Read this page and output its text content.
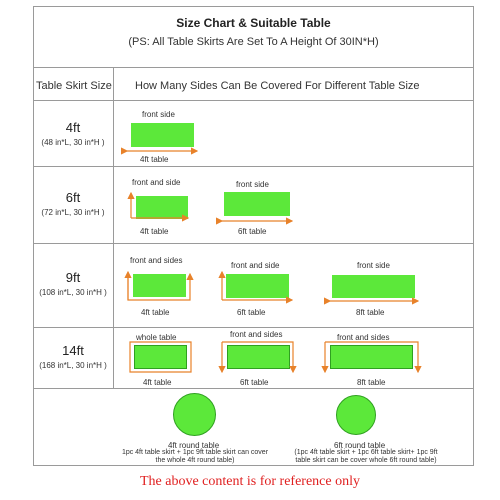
Size Chart & Suitable Table
(PS: All Table Skirts Are Set To A Height Of 30IN*H)
Table Skirt Size How Many Sides Can Be Covered For Different Table Size
4ft
(48 in*L, 30 in*H )
6ft
(72 in*L, 30 in*H )
9ft
(108 in*L, 30 in*H )
14ft
(168 in*L, 30 in*H )
front side
4ft table
front and side
4ft table
front side
6ft table
front and sides
4ft table
front and side
6ft table
front side
8ft table
whole table
4ft table
front and sides
6ft table
front and sides
8ft table
4ft round table
1pc 4ft table skirt + 1pc 9ft table skirt can cover the whole 4ft round table)
6ft round table
(1pc 4ft table skirt + 1pc 6ft table skirt+ 1pc 9ft table skirt can be cover whole 6ft round table)
The above content is for reference only
